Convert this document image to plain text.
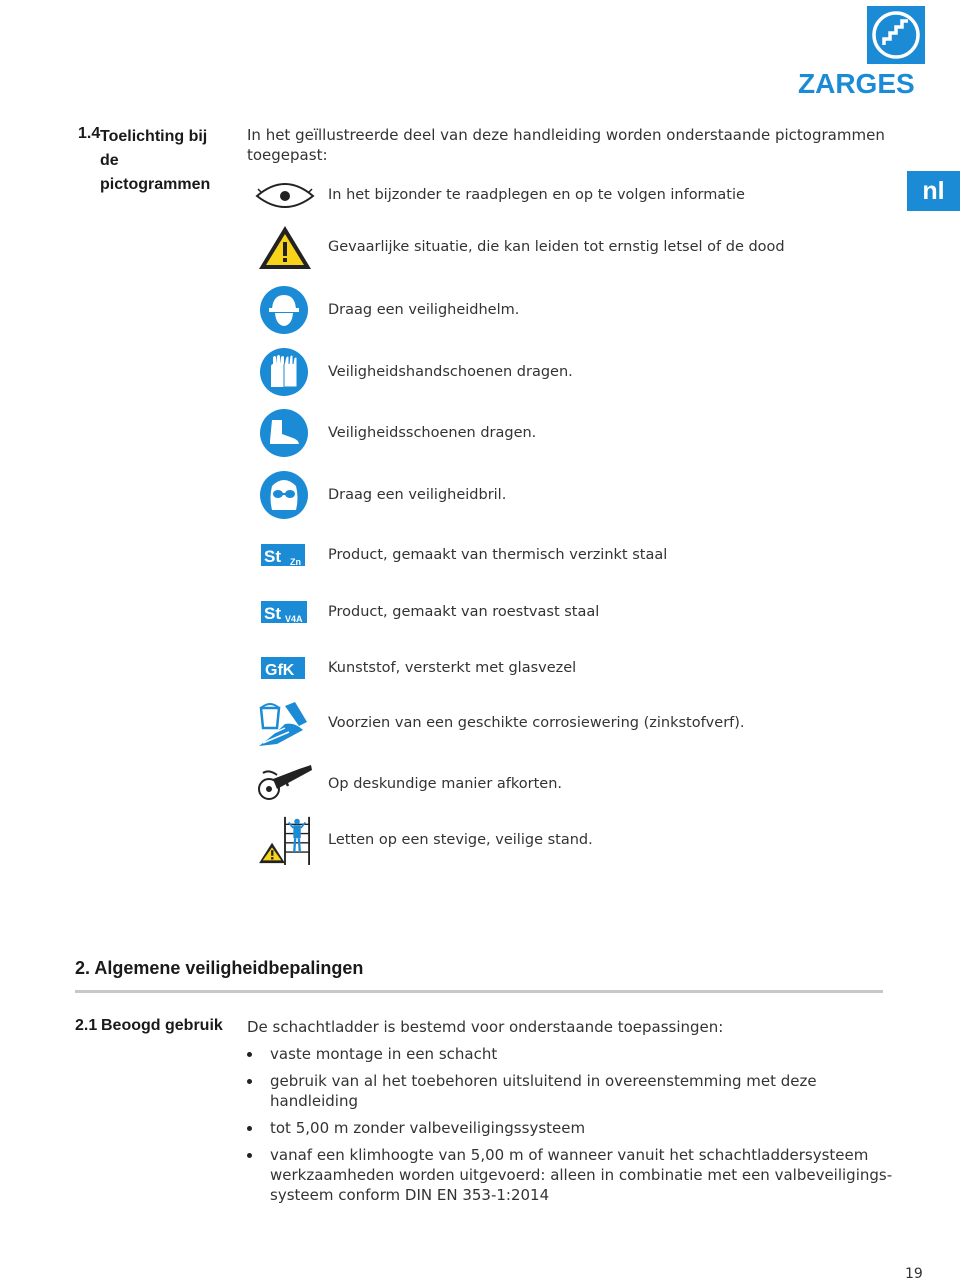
ZARGES
nl
1.4 Toelichting bij de pictogrammen
In het geïllustreerde deel van deze handleiding worden onderstaande pictogrammen toegepast:
In het bijzonder te raadplegen en op te volgen informatie
Gevaarlijke situatie, die kan leiden tot ernstig letsel of de dood
Draag een veiligheidhelm.
Veiligheidshandschoenen dragen.
Veiligheidsschoenen dragen.
Draag een veiligheidbril.
St Zn Product, gemaakt van thermisch verzinkt staal
St V4A Product, gemaakt van roestvast staal
GfK Kunststof, versterkt met glasvezel
Voorzien van een geschikte corrosiewering (zinkstofverf).
Op deskundige manier afkorten.
Letten op een stevige, veilige stand.
2. Algemene veiligheidbepalingen
2.1 Beoogd gebruik De schachtladder is bestemd voor onderstaande toepassingen:
vaste montage in een schacht
gebruik van al het toebehoren uitsluitend in overeenstemming met deze handleiding
tot 5,00 m zonder valbeveiligingssysteem
vanaf een klimhoogte van 5,00 m of wanneer vanuit het schachtladdersysteem werkzaamheden worden uitgevoerd: alleen in combinatie met een valbeveiligings-systeem conform DIN EN 353-1:2014
19
